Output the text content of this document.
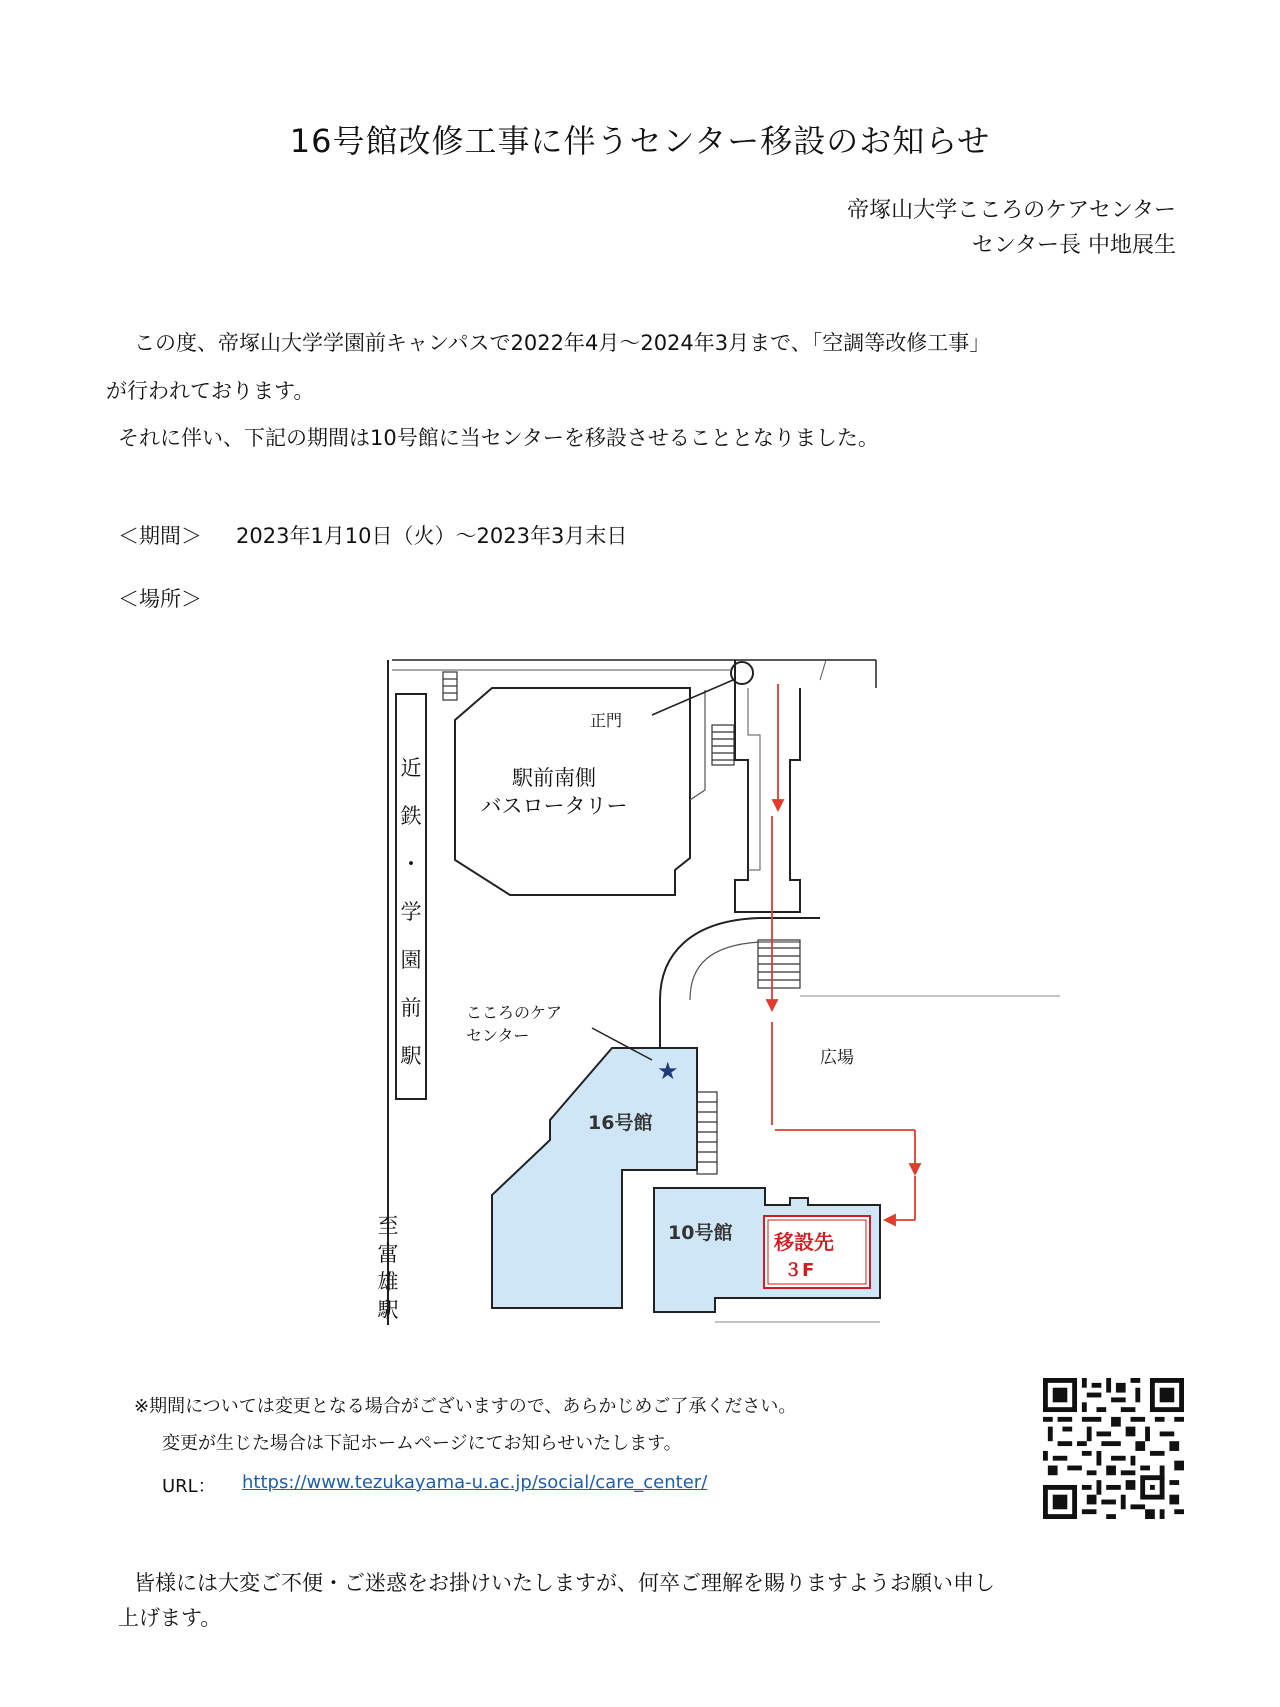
16号館改修工事に伴うセンター移設のお知らせ
帝塚山大学こころのケアセンター
センター長 中地展生
この度、帝塚山大学学園前キャンパスで2022年4月～2024年3月まで、「空調等改修工事」
が行われております。
それに伴い、下記の期間は10号館に当センターを移設させることとなりました。
＜期間＞ 2023年1月10日（火）～2023年3月末日
＜場所＞
近
鉄
・
学
園
前
駅
至
富
雄
駅
正門
駅前南側
バスロータリー
広場
こころのケア
センター
★
16号館
10号館 移設先
３F
※期間については変更となる場合がございますので、あらかじめご了承ください。
変更が生じた場合は下記ホームページにてお知らせいたします。
URL： https://www.tezukayama-u.ac.jp/social/care_center/
皆様には大変ご不便・ご迷惑をお掛けいたしますが、何卒ご理解を賜りますようお願い申し
上げます。
